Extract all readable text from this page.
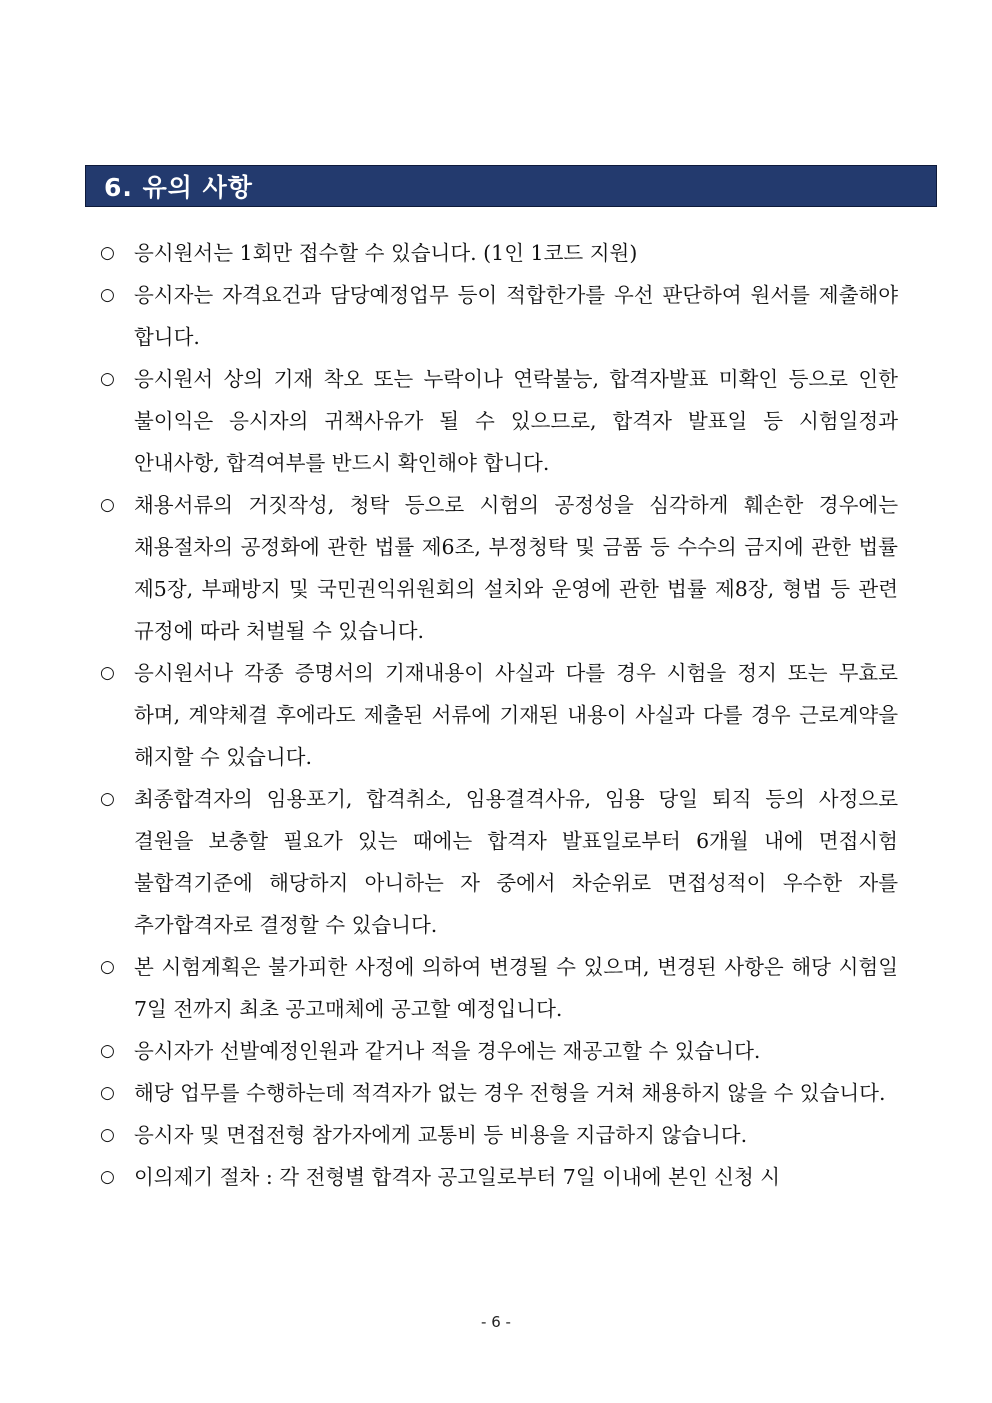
6. 유의 사항
○ 응시원서는 1회만 접수할 수 있습니다. (1인 1코드 지원)
○ 응시자는 자격요건과 담당예정업무 등이 적합한가를 우선 판단하여 원서를 제출해야 합니다.
○ 응시원서 상의 기재 착오 또는 누락이나 연락불능, 합격자발표 미확인 등으로 인한 불이익은 응시자의 귀책사유가 될 수 있으므로, 합격자 발표일 등 시험일정과 안내사항, 합격여부를 반드시 확인해야 합니다.
○ 채용서류의 거짓작성, 청탁 등으로 시험의 공정성을 심각하게 훼손한 경우에는 채용절차의 공정화에 관한 법률 제6조, 부정청탁 및 금품 등 수수의 금지에 관한 법률 제5장, 부패방지 및 국민권익위원회의 설치와 운영에 관한 법률 제8장, 형법 등 관련 규정에 따라 처벌될 수 있습니다.
○ 응시원서나 각종 증명서의 기재내용이 사실과 다를 경우 시험을 정지 또는 무효로 하며, 계약체결 후에라도 제출된 서류에 기재된 내용이 사실과 다를 경우 근로계약을 해지할 수 있습니다.
○ 최종합격자의 임용포기, 합격취소, 임용결격사유, 임용 당일 퇴직 등의 사정으로 결원을 보충할 필요가 있는 때에는 합격자 발표일로부터 6개월 내에 면접시험 불합격기준에 해당하지 아니하는 자 중에서 차순위로 면접성적이 우수한 자를 추가합격자로 결정할 수 있습니다.
○ 본 시험계획은 불가피한 사정에 의하여 변경될 수 있으며, 변경된 사항은 해당 시험일 7일 전까지 최초 공고매체에 공고할 예정입니다.
○ 응시자가 선발예정인원과 같거나 적을 경우에는 재공고할 수 있습니다.
○ 해당 업무를 수행하는데 적격자가 없는 경우 전형을 거쳐 채용하지 않을 수 있습니다.
○ 응시자 및 면접전형 참가자에게 교통비 등 비용을 지급하지 않습니다.
○ 이의제기 절차 : 각 전형별 합격자 공고일로부터 7일 이내에 본인 신청 시
- 6 -
